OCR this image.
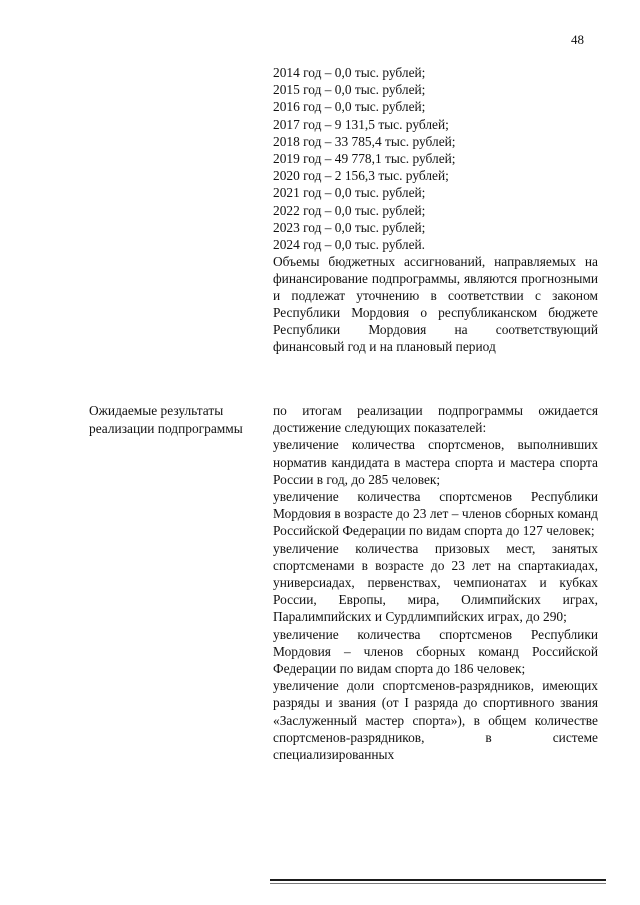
48
2014 год – 0,0 тыс. рублей;
2015 год – 0,0 тыс. рублей;
2016 год – 0,0 тыс. рублей;
2017 год – 9 131,5 тыс. рублей;
2018 год – 33 785,4 тыс. рублей;
2019 год – 49 778,1 тыс. рублей;
2020 год – 2 156,3 тыс. рублей;
2021 год – 0,0 тыс. рублей;
2022 год – 0,0 тыс. рублей;
2023 год – 0,0 тыс. рублей;
2024 год – 0,0 тыс. рублей.

Объемы бюджетных ассигнований, направляемых на финансирование подпрограммы, являются прогнозными и подлежат уточнению в соответствии с законом Республики Мордовия о республиканском бюджете Республики Мордовия на соответствующий финансовый год и на плановый период

Ожидаемые результаты реализации подпрограммы
по итогам реализации подпрограммы ожидается достижение следующих показателей:
увеличение количества спортсменов, выполнивших норматив кандидата в мастера спорта и мастера спорта России в год, до 285 человек;
увеличение количества спортсменов Республики Мордовия в возрасте до 23 лет – членов сборных команд Российской Федерации по видам спорта до 127 человек;
увеличение количества призовых мест, занятых спортсменами в возрасте до 23 лет на спартакиадах, универсиадах, первенствах, чемпионатах и кубках России, Европы, мира, Олимпийских играх, Паралимпийских и Сурдлимпийских играх, до 290;
увеличение количества спортсменов Республики Мордовия – членов сборных команд Российской Федерации по видам спорта до 186 человек;
увеличение доли спортсменов-разрядников, имеющих разряды и звания (от I разряда до спортивного звания «Заслуженный мастер спорта»), в общем количестве спортсменов-разрядников, в системе специализированных
